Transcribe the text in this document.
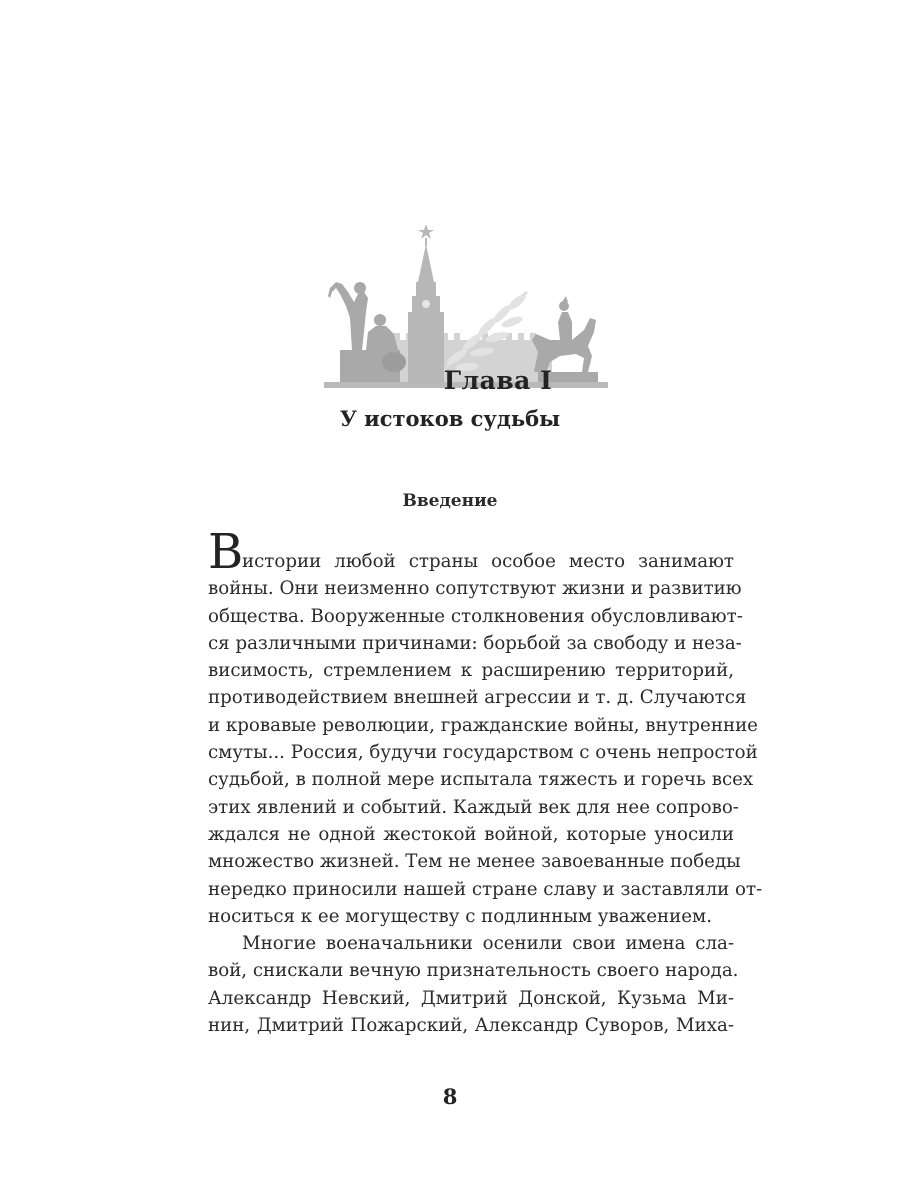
Глава I
У истоков судьбы
Введение
В
истории любой страны особое место занимают
войны. Они неизменно сопутствуют жизни и развитию
общества. Вооруженные столкновения обусловливают-
ся различными причинами: борьбой за свободу и неза-
висимость, стремлением к расширению территорий,
противодействием внешней агрессии и т. д. Случаются
и кровавые революции, гражданские войны, внутренние
смуты... Россия, будучи государством с очень непростой
судьбой, в полной мере испытала тяжесть и горечь всех
этих явлений и событий. Каждый век для нее сопрово-
ждался не одной жестокой войной, которые уносили
множество жизней. Тем не менее завоеванные победы
нередко приносили нашей стране славу и заставляли от-
носиться к ее могуществу с подлинным уважением.
Многие военачальники осенили свои имена сла-
вой, снискали вечную признательность своего народа.
Александр Невский, Дмитрий Донской, Кузьма Ми-
нин, Дмитрий Пожарский, Александр Суворов, Миха-
8
